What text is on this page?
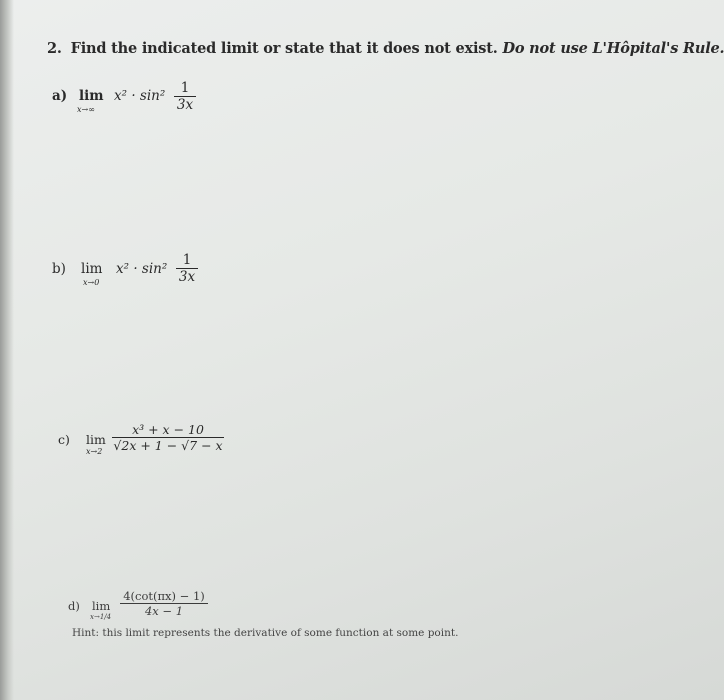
2. Find the indicated limit or state that it does not exist. Do not use L'Hôpital's Rule.
a) lim
x→∞
x² · sin²	1
3x
b) lim
x→0
x² · sin²
1
3x
c) lim
x→2
x³ + x − 10
√2x + 1 − √7 − x
d) lim
x→1/4
4(cot(πx) − 1)
4x − 1
Hint: this limit represents the derivative of some function at some point.
